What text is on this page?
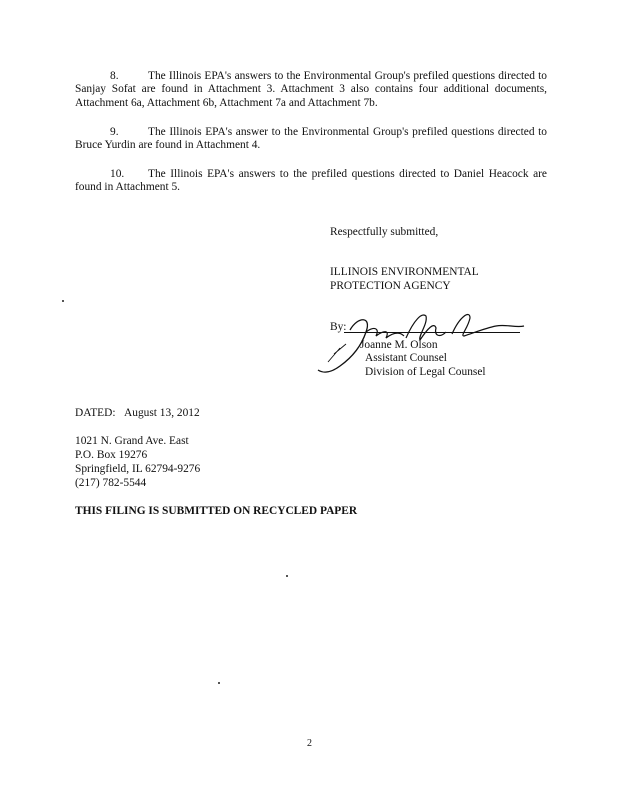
8.	The Illinois EPA's answers to the Environmental Group's prefiled questions directed to Sanjay Sofat are found in Attachment 3. Attachment 3 also contains four additional documents, Attachment 6a, Attachment 6b, Attachment 7a and Attachment 7b.

9.	The Illinois EPA's answer to the Environmental Group's prefiled questions directed to Bruce Yurdin are found in Attachment 4.

10. The Illinois EPA's answers to the prefiled questions directed to Daniel Heacock are found in Attachment 5.

Respectfully submitted,
ILLINOIS ENVIRONMENTAL
PROTECTION AGENCY
By:
Joanne M. Olson
Assistant Counsel
Division of Legal Counsel
DATED: August 13, 2012
1021 N. Grand Ave. East
P.O. Box 19276
Springfield, IL 62794-9276
(217) 782-5544
THIS FILING IS SUBMITTED ON RECYCLED PAPER
2
